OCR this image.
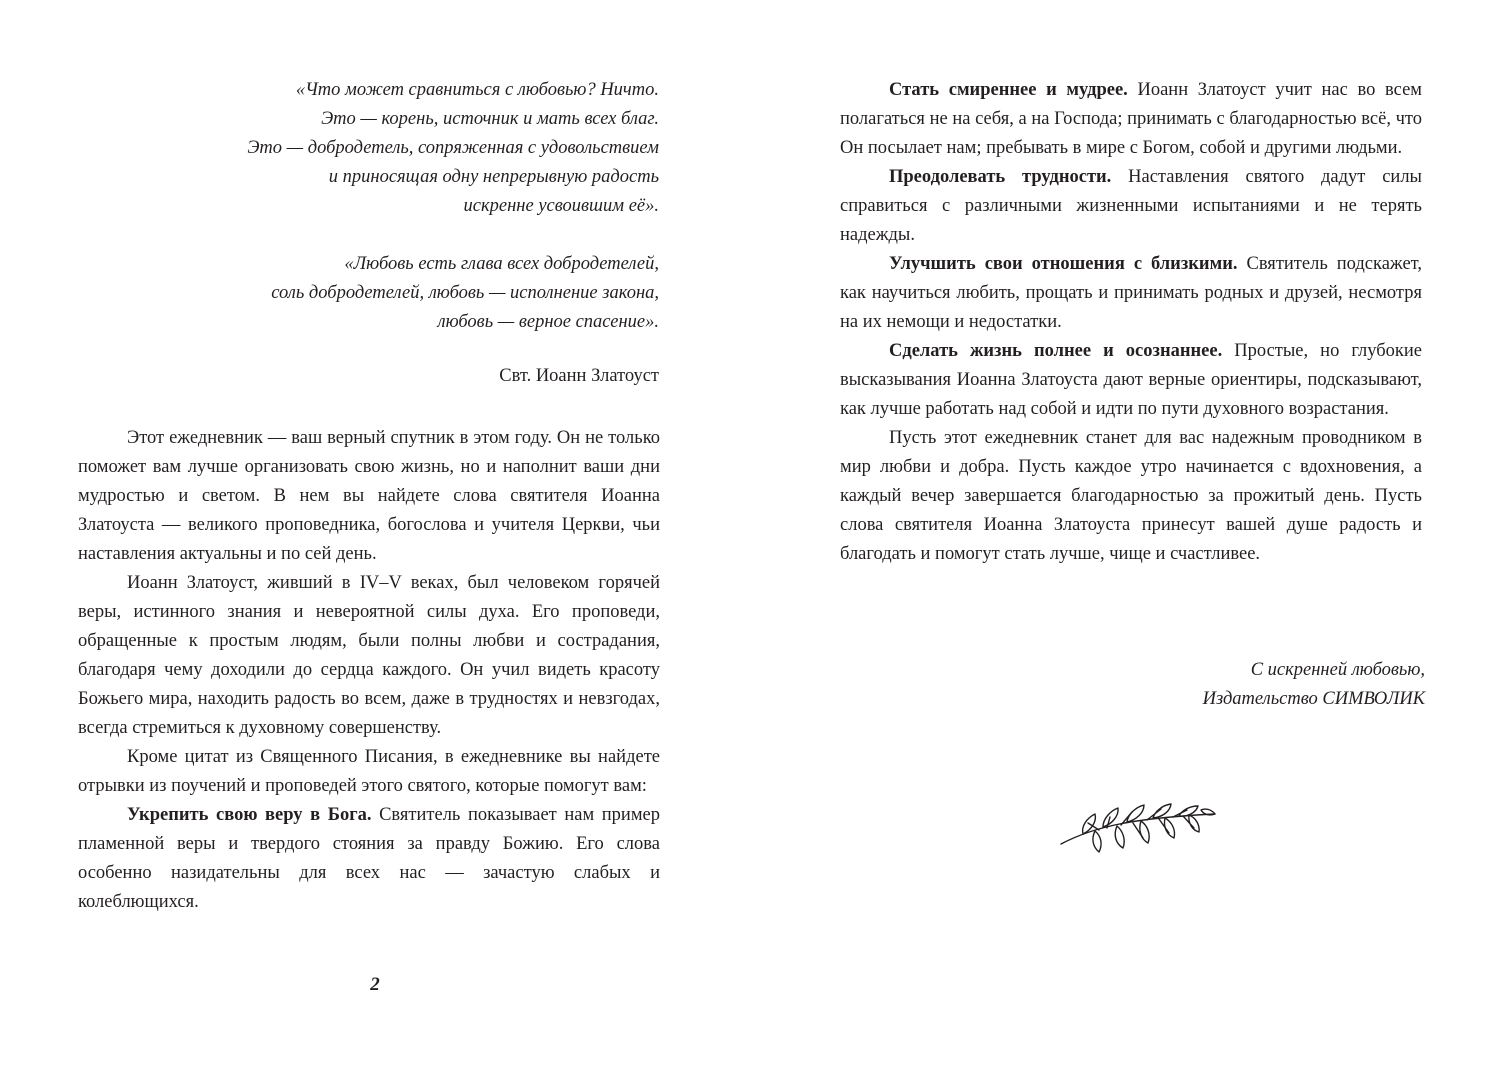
«Что может сравниться с любовью? Ничто.
Это — корень, источник и мать всех благ.
Это — добродетель, сопряженная с удовольствием
и приносящая одну непрерывную радость
искренне усвоившим её».
«Любовь есть глава всех добродетелей,
соль добродетелей, любовь — исполнение закона,
любовь — верное спасение».
Свт. Иоанн Златоуст

Этот ежедневник — ваш верный спутник в этом году. Он не только поможет вам лучше организовать свою жизнь, но и наполнит ваши дни мудростью и светом. В нем вы найдете слова святителя Иоанна Златоуста — великого проповедника, богослова и учителя Церкви, чьи наставления актуальны и по сей день.

Иоанн Златоуст, живший в IV–V веках, был человеком горячей веры, истинного знания и невероятной силы духа. Его проповеди, обращенные к простым людям, были полны любви и сострадания, благодаря чему доходили до сердца каждого. Он учил видеть красоту Божьего мира, находить радость во всем, даже в трудностях и невзгодах, всегда стремиться к духовному совершенству.

Кроме цитат из Священного Писания, в ежедневнике вы найдете отрывки из поучений и проповедей этого святого, которые помогут вам:

Укрепить свою веру в Бога. Святитель показывает нам пример пламенной веры и твердого стояния за правду Божию. Его слова особенно назидательны для всех нас — зачастую слабых и колеблющихся.

2

Стать смиреннее и мудрее. Иоанн Златоуст учит нас во всем полагаться не на себя, а на Господа; принимать с благодарностью всё, что Он посылает нам; пребывать в мире с Богом, собой и другими людьми.

Преодолевать трудности. Наставления святого дадут силы справиться с различными жизненными испытаниями и не терять надежды.

Улучшить свои отношения с близкими. Святитель подскажет, как научиться любить, прощать и принимать родных и друзей, несмотря на их немощи и недостатки.

Сделать жизнь полнее и осознаннее. Простые, но глубокие высказывания Иоанна Златоуста дают верные ориентиры, подсказывают, как лучше работать над собой и идти по пути духовного возрастания.

Пусть этот ежедневник станет для вас надежным проводником в мир любви и добра. Пусть каждое утро начинается с вдохновения, а каждый вечер завершается благодарностью за прожитый день. Пусть слова святителя Иоанна Златоуста принесут вашей душе радость и благодать и помогут стать лучше, чище и счастливее.

С искренней любовью,
Издательство СИМВОЛИК
